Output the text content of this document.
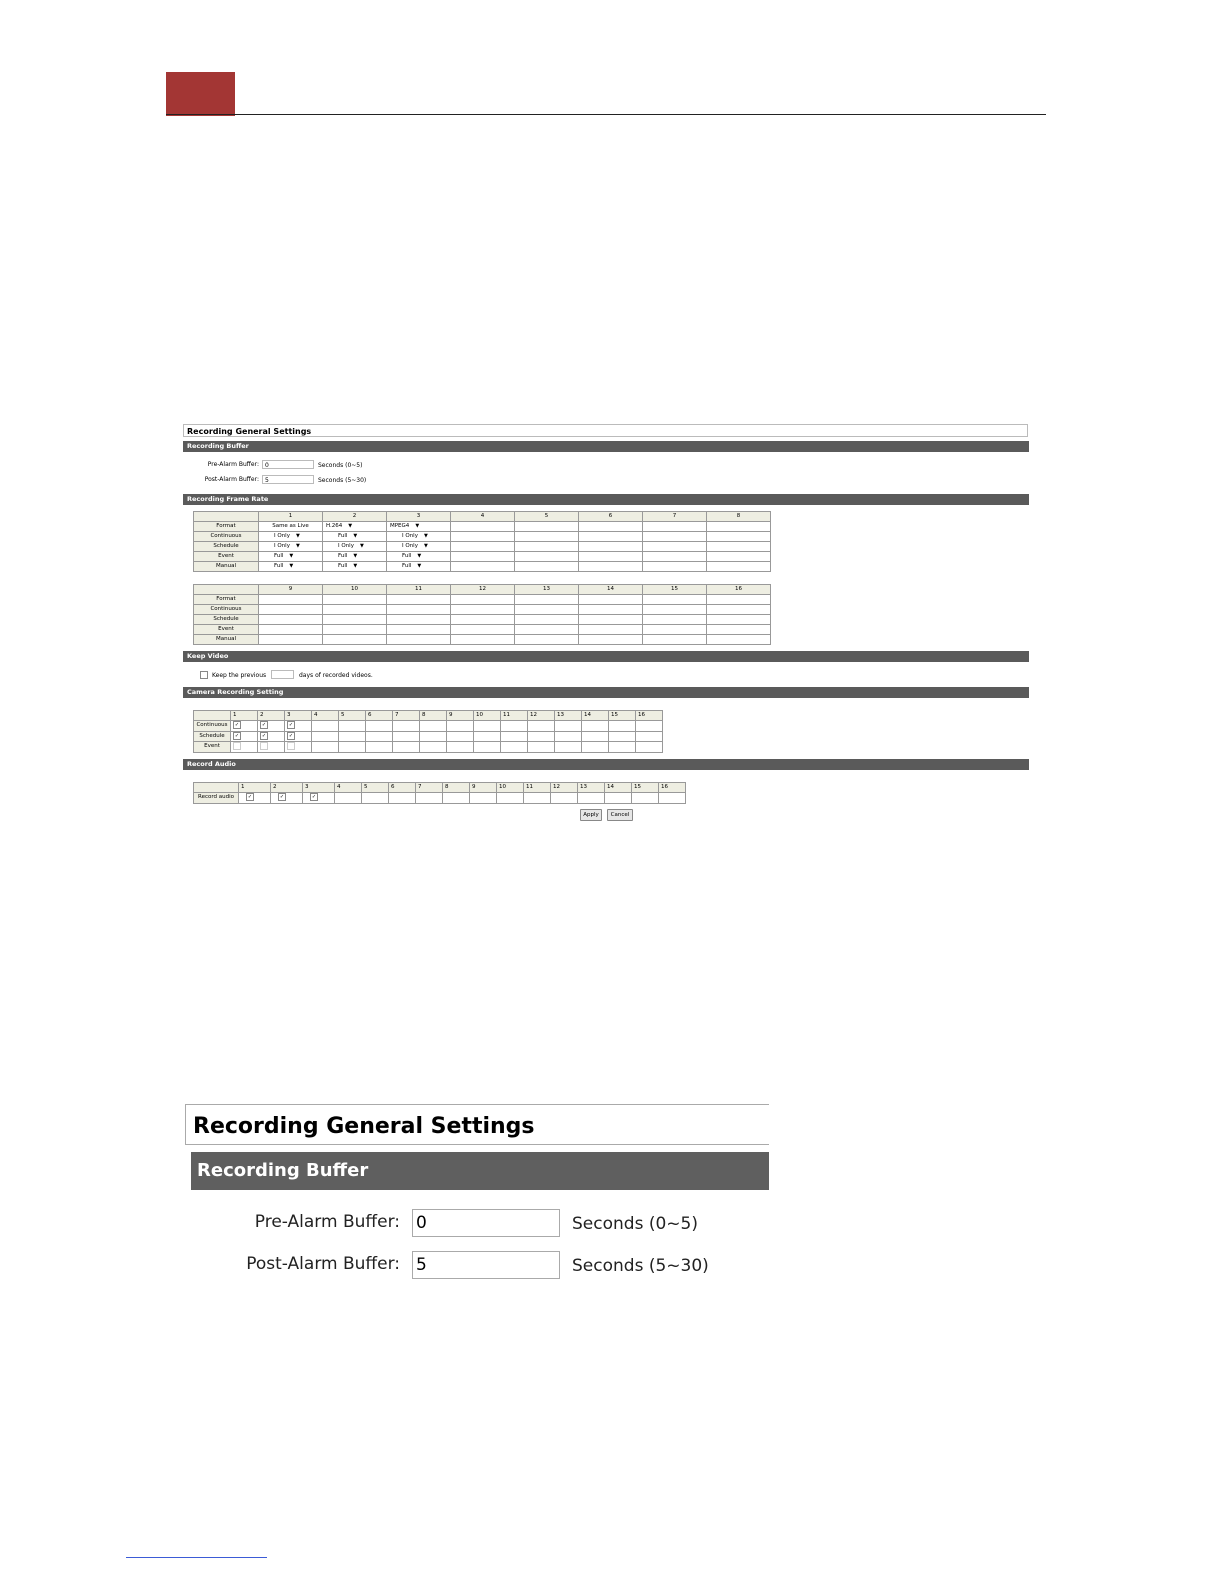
Recording General Settings
Recording Buffer
Pre-Alarm Buffer:	0	Seconds (0~5)
Post-Alarm Buffer:	5	Seconds (5~30)
Recording Frame Rate
	1	2	3	4	5	6	7	8
Format	Same as Live	H.264 ▼	MPEG4 ▼					

Continuous	I Only ▼	Full ▼	I Only ▼					

Schedule	I Only ▼	I Only ▼	I Only ▼					

Event	Full ▼	Full ▼	Full ▼					

Manual	Full ▼	Full ▼	Full ▼					

	9	10	11	12	13	14	15	16
Format								
Continuous								
Schedule								
Event								
Manual								
Keep Video
Keep the previous	days of recorded videos.
Camera Recording Setting
	1	2	3	4	5	6	7	8	9	10	11	12	13	14	15	16
Continuous	✓	✓	✓													
Schedule	✓	✓	✓													
Event																
Record Audio
	1	2	3	4	5	6	7	8	9	10	11	12	13	14	15	16
Record audio	✓	✓	✓													
Apply	Cancel
Recording General Settings
Recording Buffer
Pre-Alarm Buffer: 0	Seconds (0~5)
Post-Alarm Buffer: 5	Seconds (5~30)
